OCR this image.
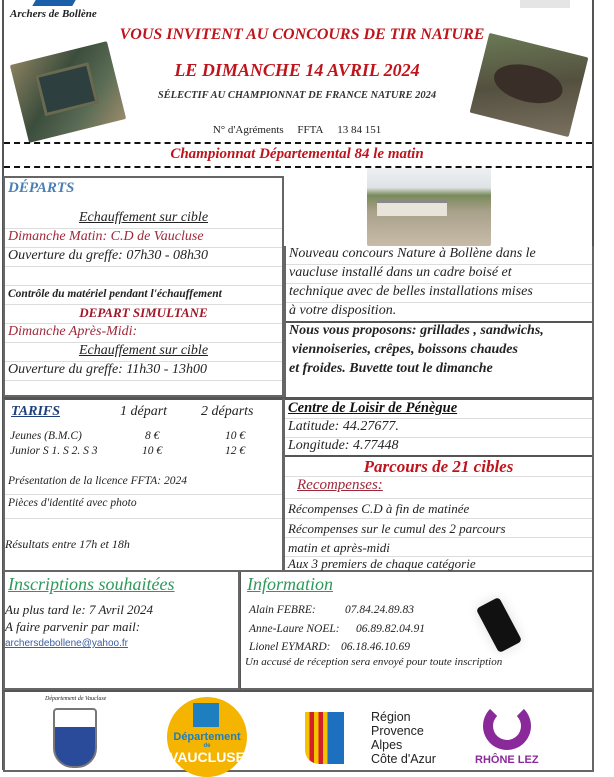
Archers de Bollène
VOUS INVITENT AU CONCOURS DE TIR NATURE
LE DIMANCHE 14 AVRIL 2024
SÉLECTIF AU CHAMPIONNAT DE FRANCE NATURE 2024
N° d'Agréments FFTA 13 84 151
Championnat Départemental 84 le matin
DÉPARTS
Echauffement sur cible
Dimanche Matin: C.D de Vaucluse
Ouverture du greffe: 07h30 - 08h30
Contrôle du matériel pendant l'échauffement
DEPART SIMULTANE
Dimanche Après-Midi:
Echauffement sur cible
Ouverture du greffe: 11h30 - 13h00
Nouveau concours Nature à Bollène dans le
vaucluse installé dans un cadre boisé et
technique avec de belles installations mises
à votre disposition.
Nous vous proposons: grillades , sandwichs,
viennoiseries, crêpes, boissons chaudes
et froides. Buvette tout le dimanche
TARIFS	1 départ 2 départs
Jeunes (B.M.C)	8 €	10 €
Junior S 1. S 2. S 3	10 €	12 €
Présentation de la licence FFTA: 2024
Pièces d'identité avec photo
Résultats entre 17h et 18h
Centre de Loisir de Pénègue
Latitude: 44.27677.
Longitude: 4.77448
Parcours de 21 cibles
Recompenses:
Récompenses C.D à fin de matinée
Récompenses sur le cumul des 2 parcours
matin et après-midi
Aux 3 premiers de chaque catégorie
Inscriptions souhaitées
Au plus tard le: 7 Avril 2024
A faire parvenir par mail:
archersdebollene@yahoo.fr
Information
Alain FEBRE:	07.84.24.89.83
Anne-Laure NOEL: 06.89.82.04.91
Lionel EYMARD: 06.18.46.10.69
Un accusé de réception sera envoyé pour toute inscription
Département de Vaucluse
Département
de
VAUCLUSE
Région
Provence
Alpes
Côte d'Azur	RHÔNE LEZ
